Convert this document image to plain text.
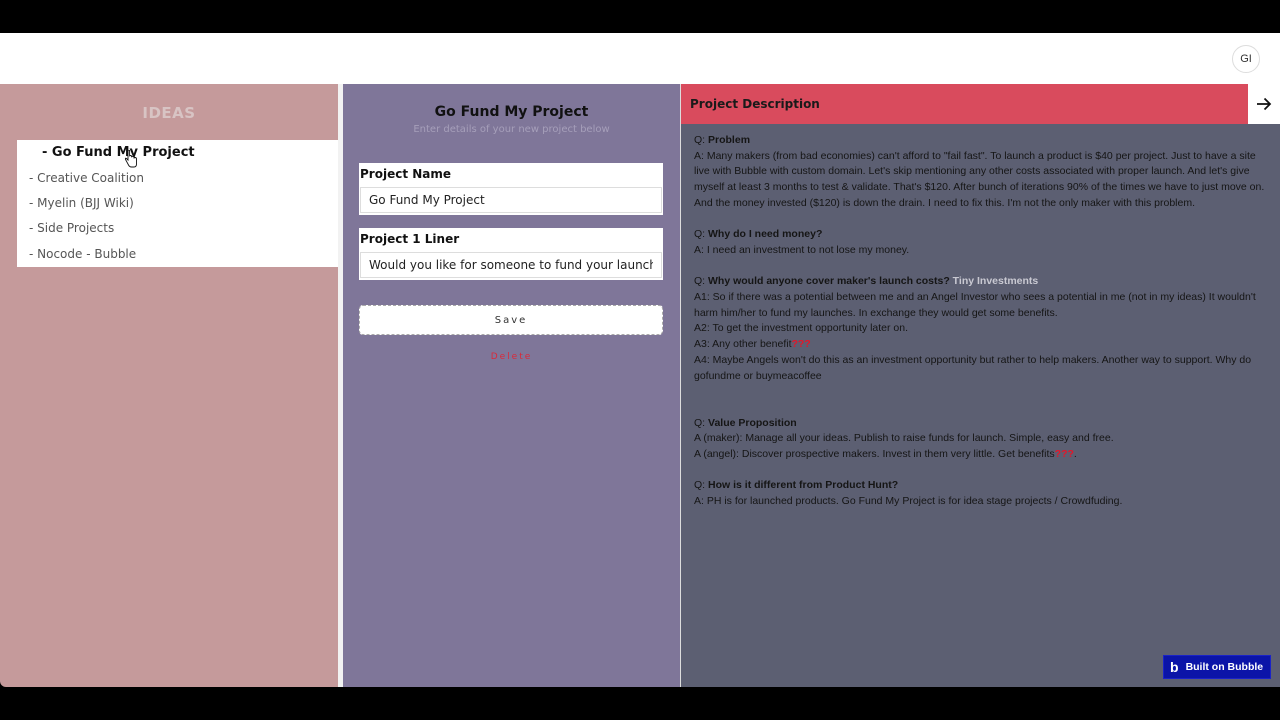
GI
IDEAS
- Go Fund My Project
- Creative Coalition
- Myelin (BJJ Wiki)
- Side Projects
- Nocode - Bubble
Go Fund My Project
Enter details of your new project below
Project Name
Go Fund My Project
Project 1 Liner
Would you like for someone to fund your launches?
Save
Delete
Project Description

Q: Problem

A: Many makers (from bad economies) can't afford to "fail fast". To launch a product is $40 per project. Just to have a site live with Bubble with custom domain. Let's skip mentioning any other costs associated with proper launch. And let's give myself at least 3 months to test & validate. That's $120. After bunch of iterations 90% of the times we have to just move on. And the money invested ($120) is down the drain. I need to fix this. I'm not the only maker with this problem.

Q: Why do I need money?

A: I need an investment to not lose my money.

Q: Why would anyone cover maker's launch costs? Tiny Investments

A1: So if there was a potential between me and an Angel Investor who sees a potential in me (not in my ideas) It wouldn't harm him/her to fund my launches. In exchange they would get some benefits.

A2: To get the investment opportunity later on.

A3: Any other benefit???

A4: Maybe Angels won't do this as an investment opportunity but rather to help makers. Another way to support. Why do gofundme or buymeacoffee

Q: Value Proposition

A (maker): Manage all your ideas. Publish to raise funds for launch. Simple, easy and free.

A (angel): Discover prospective makers. Invest in them very little. Get benefits???.

Q: How is it different from Product Hunt?

A: PH is for launched products. Go Fund My Project is for idea stage projects / Crowdfuding.

b Built on Bubble
